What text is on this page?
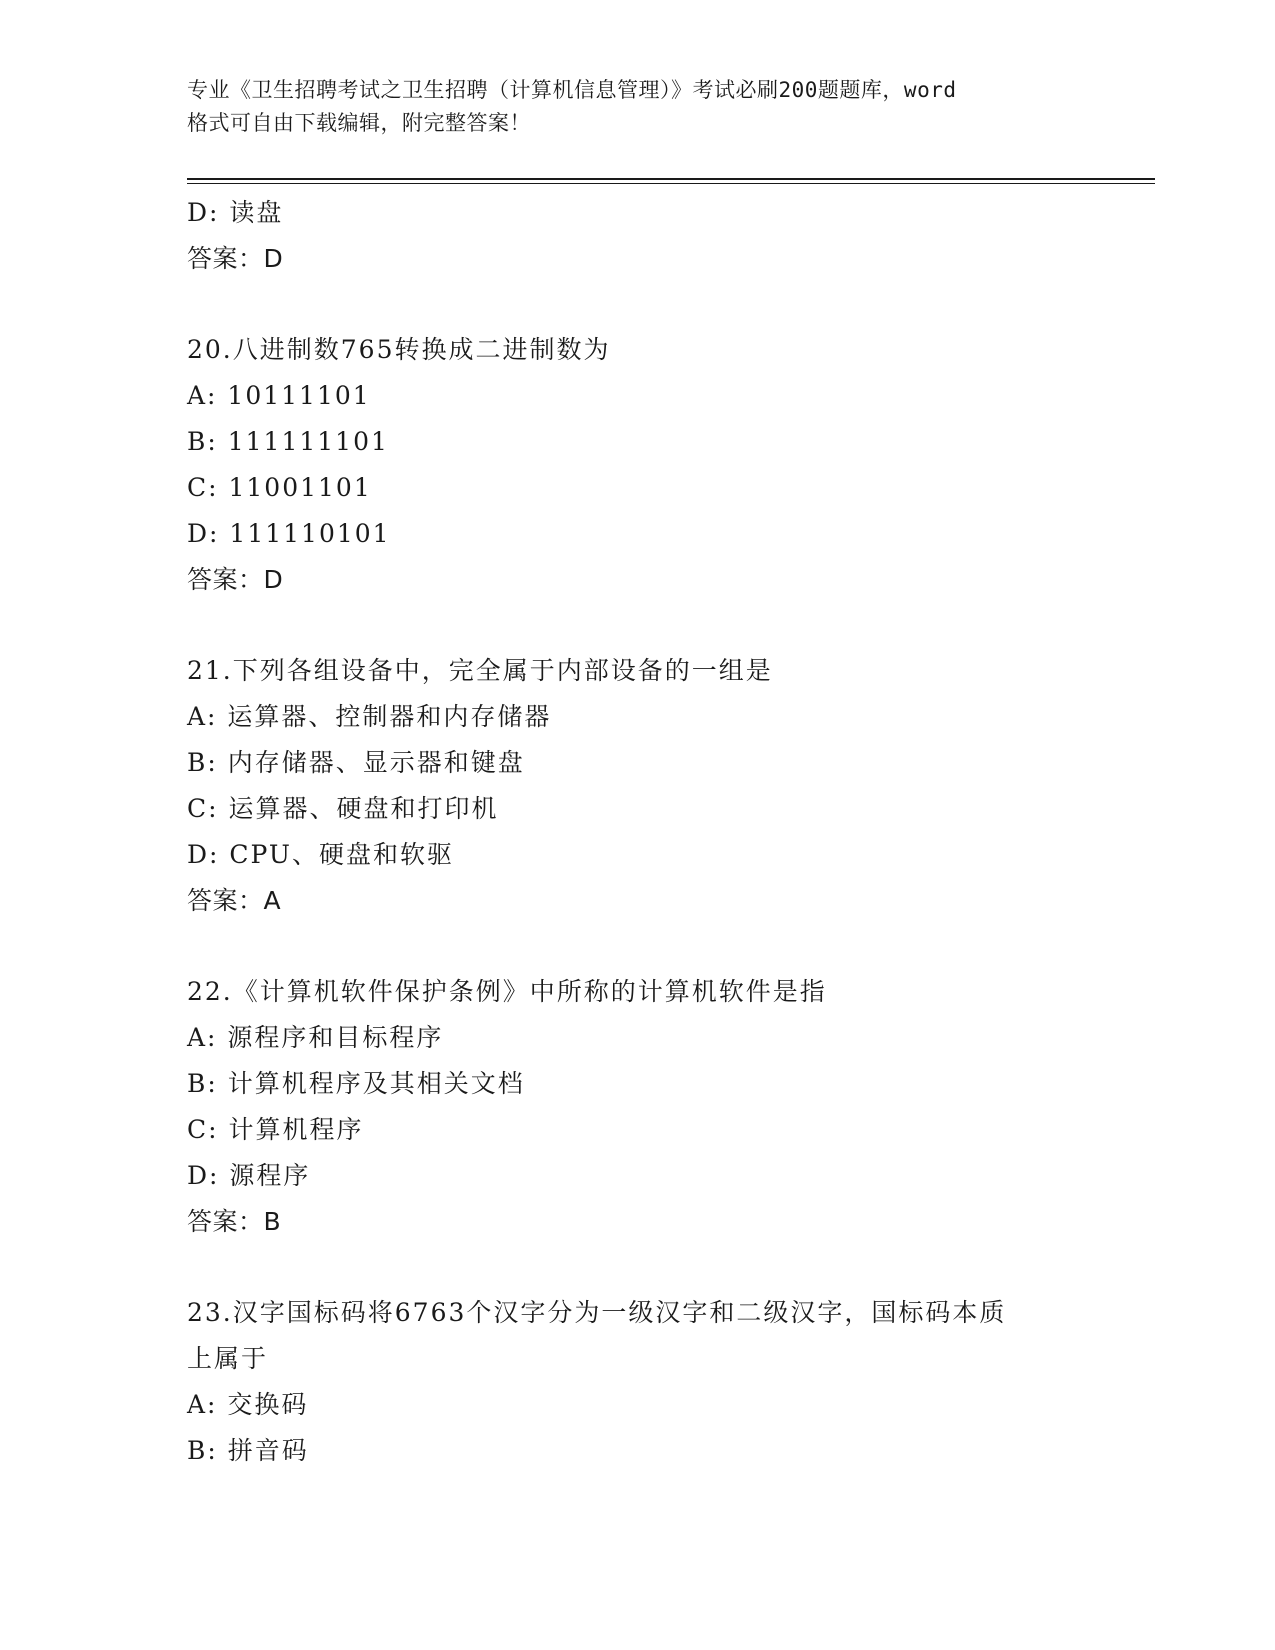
专业《卫生招聘考试之卫生招聘（计算机信息管理）》考试必刷200题题库，word
格式可自由下载编辑，附完整答案！
D: 读盘
答案：D
20.八进制数765转换成二进制数为
A: 10111101
B: 111111101
C: 11001101
D: 111110101
答案：D
21.下列各组设备中，完全属于内部设备的一组是
A: 运算器、控制器和内存储器
B: 内存储器、显示器和键盘
C: 运算器、硬盘和打印机
D: CPU、硬盘和软驱
答案：A
22.《计算机软件保护条例》中所称的计算机软件是指
A: 源程序和目标程序
B: 计算机程序及其相关文档
C: 计算机程序
D: 源程序
答案：B
23.汉字国标码将6763个汉字分为一级汉字和二级汉字，国标码本质
上属于
A: 交换码
B: 拼音码
